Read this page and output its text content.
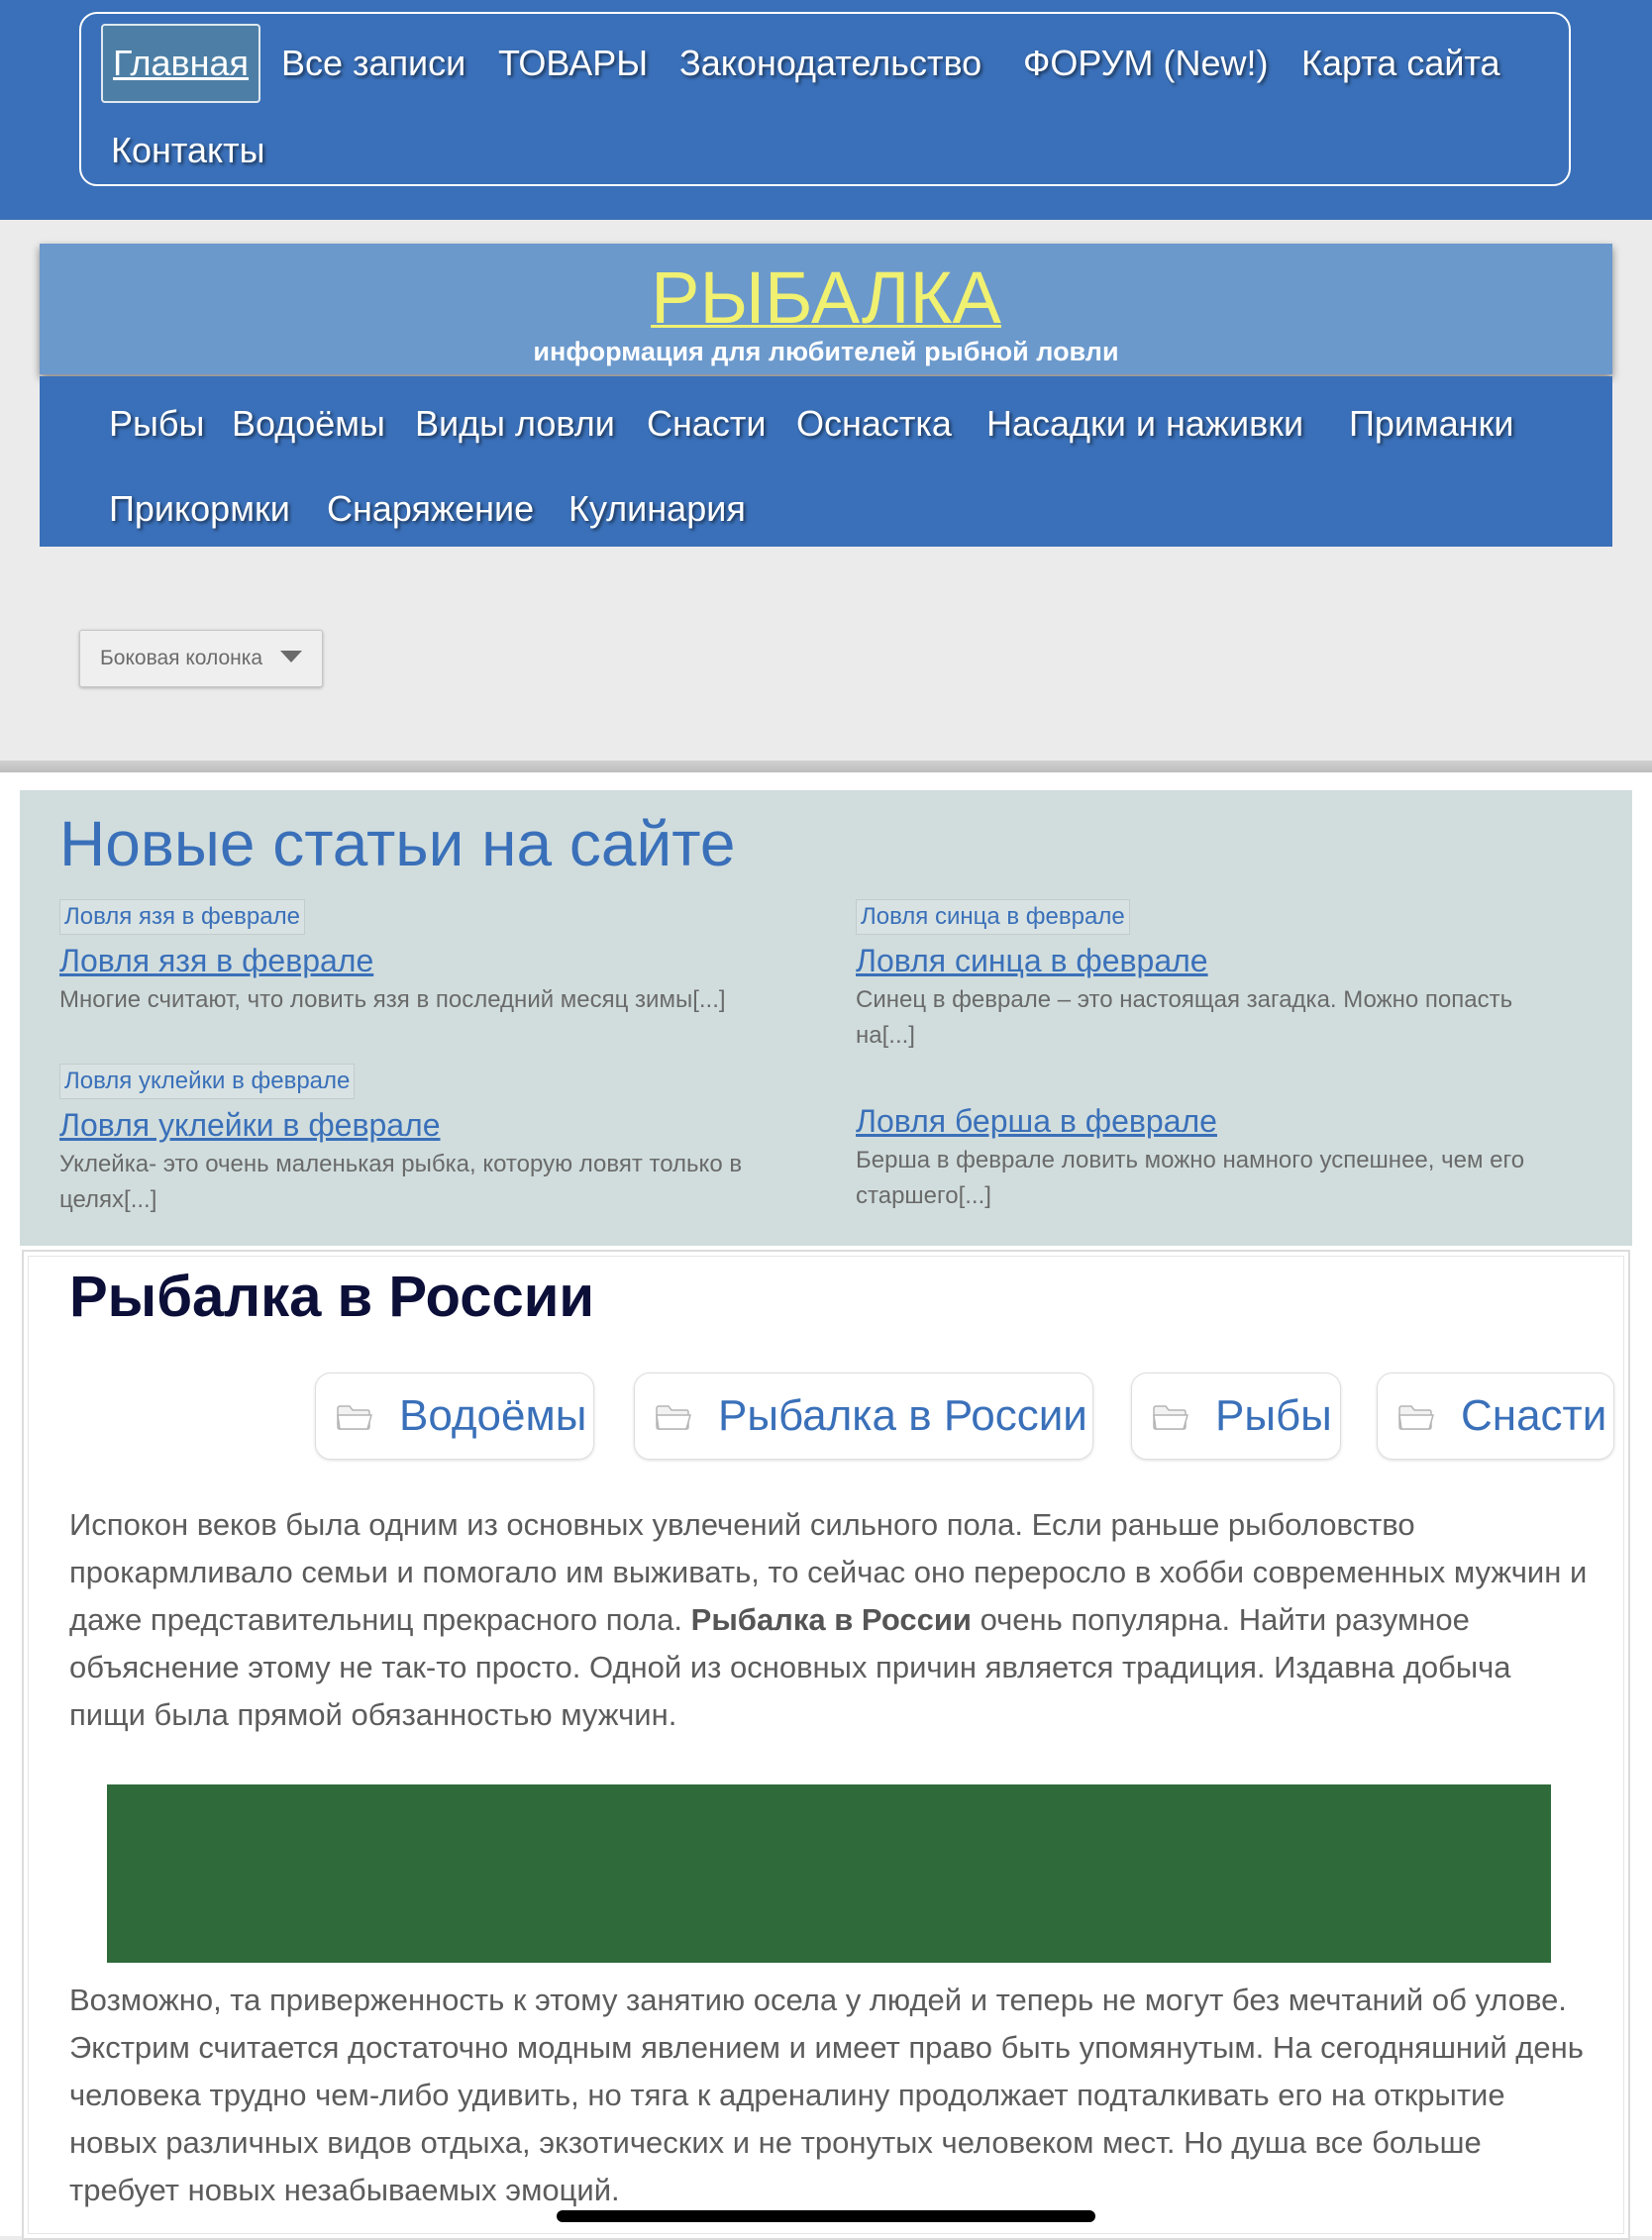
Главная Все записи ТОВАРЫ Законодательство ФОРУМ (New!) Карта сайта
Контакты
РЫБАЛКА
информация для любителей рыбной ловли
Рыбы Водоёмы Виды ловли Снасти Оснастка Насадки и наживки Приманки
Прикормки Снаряжение Кулинария
Боковая колонка
Новые статьи на сайте
Ловля язя в феврале
Ловля язя в феврале
Многие считают, что ловить язя в последний месяц зимы[...]
Ловля синца в феврале
Ловля синца в феврале
Синец в феврале – это настоящая загадка. Можно попасть на[...]
Ловля уклейки в феврале
Ловля уклейки в феврале
Уклейка- это очень маленькая рыбка, которую ловят только в целях[...]
Ловля берша в феврале
Берша в феврале ловить можно намного успешнее, чем его старшего[...]
Рыбалка в России
Водоёмы	Рыбалка в России	Рыбы	Снасти

Испокон веков была одним из основных увлечений сильного пола. Если раньше рыболовство прокармливало семьи и помогало им выживать, то сейчас оно переросло в хобби современных мужчин и даже представительниц прекрасного пола. Рыбалка в России очень популярна. Найти разумное объяснение этому не так-то просто. Одной из основных причин является традиция. Издавна добыча пищи была прямой обязанностью мужчин.

Возможно, та приверженность к этому занятию осела у людей и теперь не могут без мечтаний об улове. Экстрим считается достаточно модным явлением и имеет право быть упомянутым. На сегодняшний день человека трудно чем-либо удивить, но тяга к адреналину продолжает подталкивать его на открытие новых различных видов отдыха, экзотических и не тронутых человеком мест. Но душа все больше требует новых незабываемых эмоций.
